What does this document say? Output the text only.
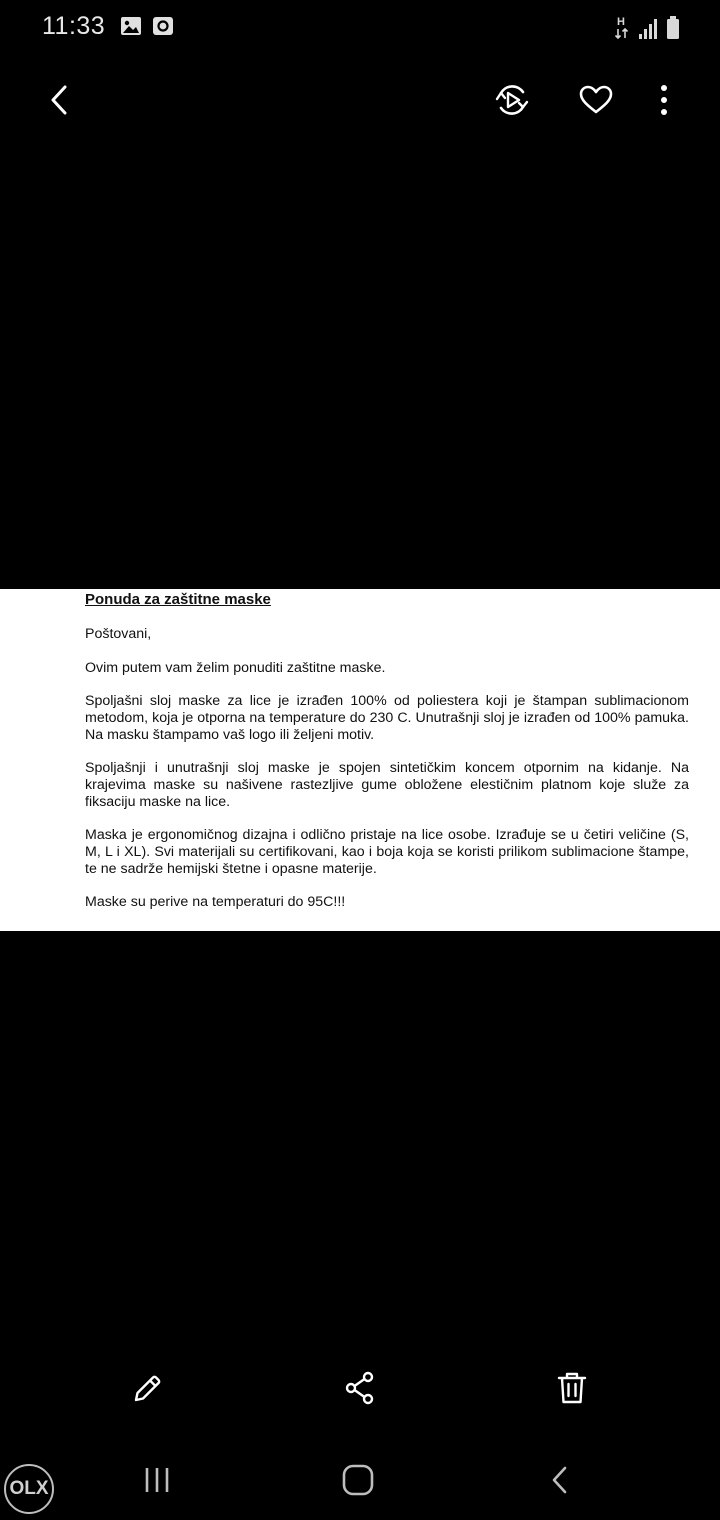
11:33	H
Ponuda za zaštitne maske

Poštovani,

Ovim putem vam želim ponuditi zaštitne maske.

Spoljašni sloj maske za lice je izrađen 100% od poliestera koji je štampan sublimacionom metodom, koja je otporna na temperature do 230 C. Unutrašnji sloj je izrađen od 100% pamuka. Na masku štampamo vaš logo ili željeni motiv.

Spoljašnji i unutrašnji sloj maske je spojen sintetičkim koncem otpornim na kidanje. Na krajevima maske su našivene rastezljive gume obložene elestičnim platnom koje služe za fiksaciju maske na lice.

Maska je ergonomičnog dizajna i odlično pristaje na lice osobe. Izrađuje se u četiri veličine (S, M, L i XL). Svi materijali su certifikovani, kao i boja koja se koristi prilikom sublimacione štampe, te ne sadrže hemijski štetne i opasne materije.

Maske su perive na temperaturi do 95C!!!

OLX
